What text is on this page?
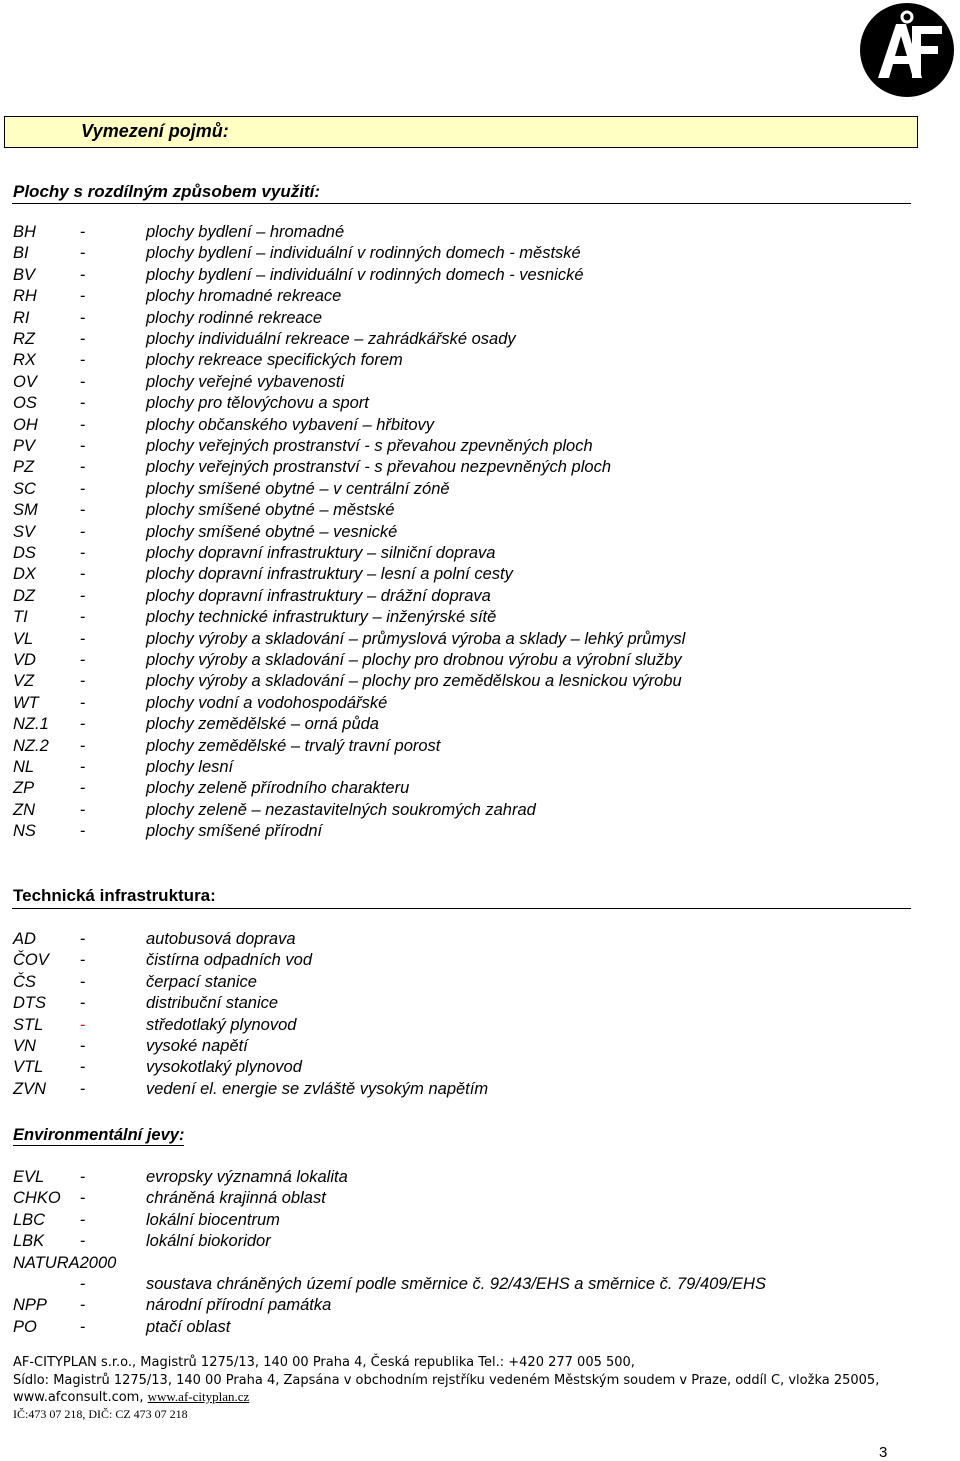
Vymezení pojmů:
Plochy s rozdílným způsobem využití:
BH	-	plochy bydlení – hromadné
BI	-	plochy bydlení – individuální v rodinných domech - městské
BV	-	plochy bydlení – individuální v rodinných domech - vesnické
RH	-	plochy hromadné rekreace
RI	-	plochy rodinné rekreace
RZ	-	plochy individuální rekreace – zahrádkářské osady
RX	-	plochy rekreace specifických forem
OV	-	plochy veřejné vybavenosti
OS	-	plochy pro tělovýchovu a sport
OH	-	plochy občanského vybavení – hřbitovy
PV	-	plochy veřejných prostranství - s převahou zpevněných ploch
PZ	-	plochy veřejných prostranství - s převahou nezpevněných ploch
SC	-	plochy smíšené obytné – v centrální zóně
SM	-	plochy smíšené obytné – městské
SV	-	plochy smíšené obytné – vesnické
DS	-	plochy dopravní infrastruktury – silniční doprava
DX	-	plochy dopravní infrastruktury – lesní a polní cesty
DZ	-	plochy dopravní infrastruktury – drážní doprava
TI	-	plochy technické infrastruktury – inženýrské sítě
VL	-	plochy výroby a skladování – průmyslová výroba a sklady – lehký průmysl
VD	-	plochy výroby a skladování – plochy pro drobnou výrobu a výrobní služby
VZ	-	plochy výroby a skladování – plochy pro zemědělskou a lesnickou výrobu
WT	-	plochy vodní a vodohospodářské
NZ.1 -	plochy zemědělské – orná půda
NZ.2 -	plochy zemědělské – trvalý travní porost
NL	-	plochy lesní
ZP	-	plochy zeleně přírodního charakteru
ZN	-	plochy zeleně – nezastavitelných soukromých zahrad
NS	-	plochy smíšené přírodní
Technická infrastruktura:
AD	-	autobusová doprava
ČOV -	čistírna odpadních vod
ČS	-	čerpací stanice
DTS -	distribuční stanice
STL -	středotlaký plynovod
VN	-	vysoké napětí
VTL -	vysokotlaký plynovod
ZVN -	vedení el. energie se zvláště vysokým napětím
Environmentální jevy:
EVL -	evropsky významná lokalita
CHKO -	chráněná krajinná oblast
LBC -	lokální biocentrum
LBK -	lokální biokoridor
NATURA2000
-	soustava chráněných území podle směrnice č. 92/43/EHS a směrnice č. 79/409/EHS
NPP -	národní přírodní památka
PO	-	ptačí oblast
AF-CITYPLAN s.r.o., Magistrů 1275/13, 140 00 Praha 4, Česká republika Tel.: +420 277 005 500,
Sídlo: Magistrů 1275/13, 140 00 Praha 4, Zapsána v obchodním rejstříku vedeném Městským soudem v Praze, oddíl C, vložka 25005,
www.afconsult.com, www.af-cityplan.cz
IČ:473 07 218, DIČ: CZ 473 07 218
3
